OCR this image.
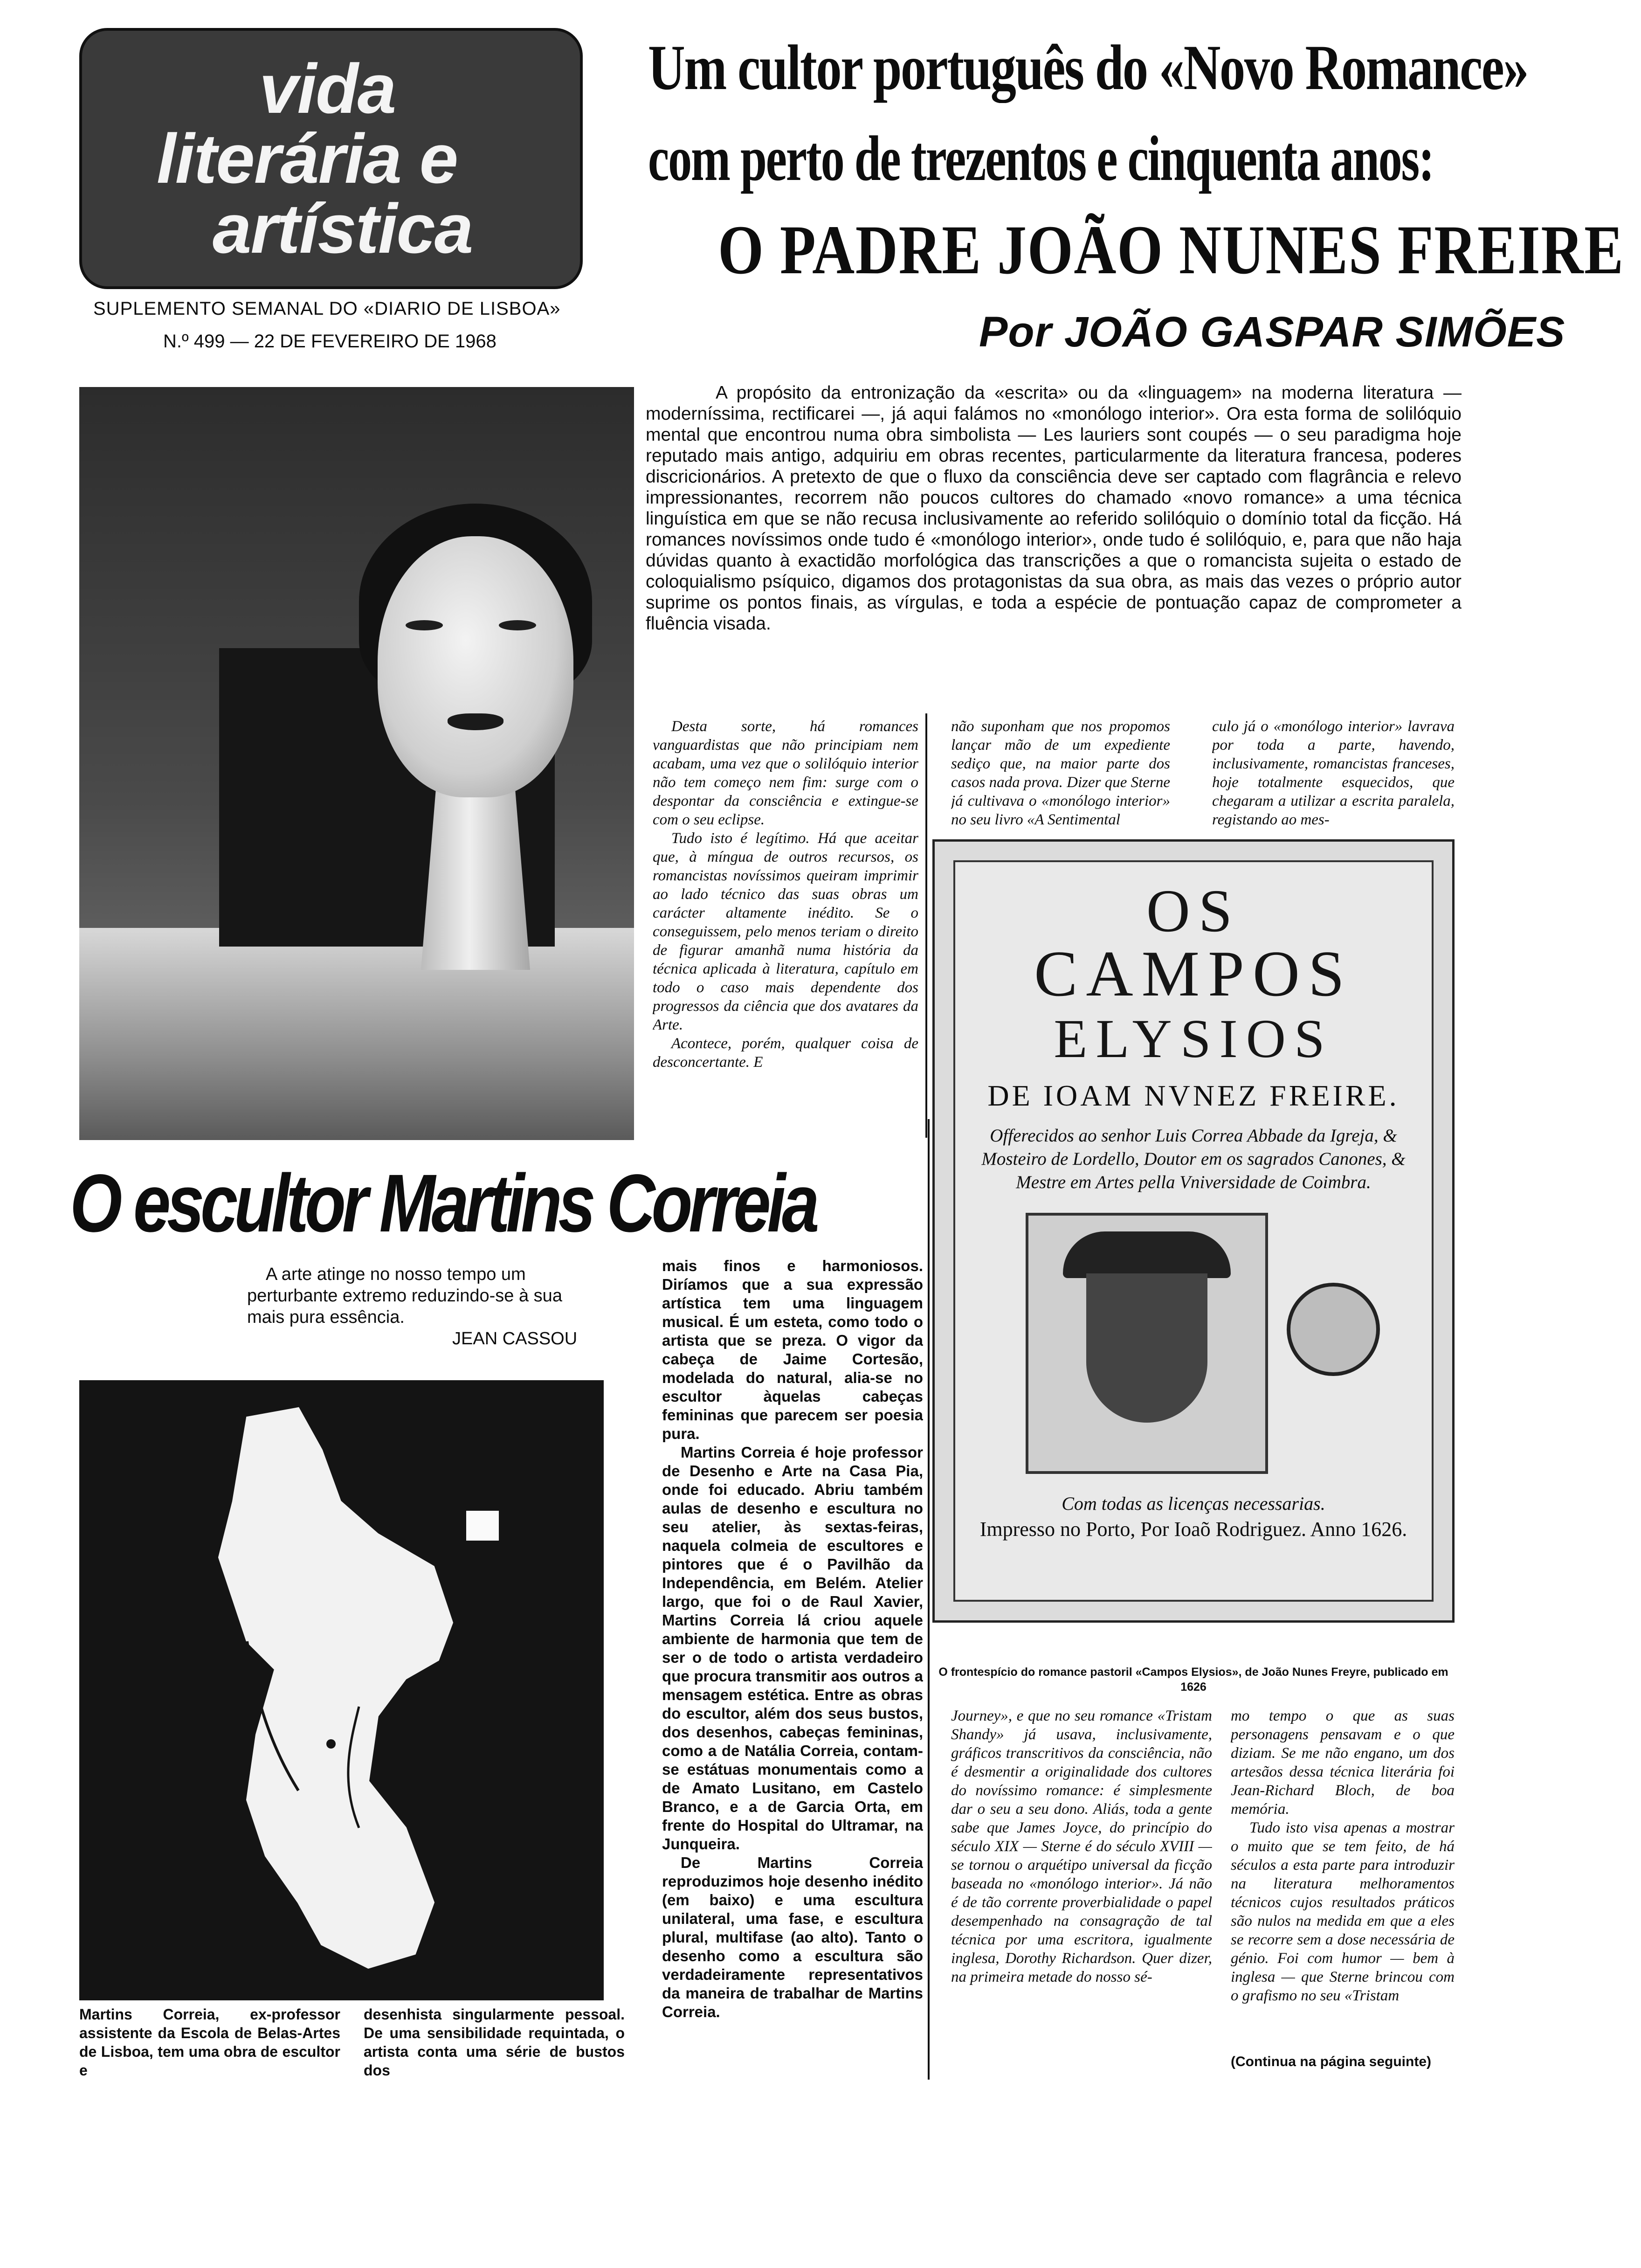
vida
literária e
artística
SUPLEMENTO SEMANAL DO «DIARIO DE LISBOA»
N.º 499 — 22 DE FEVEREIRO DE 1968
Um cultor português do «Novo Romance»
com perto de trezentos e cinquenta anos:
O PADRE JOÃO NUNES FREIRE
Por JOÃO GASPAR SIMÕES
A propósito da entronização da «escrita» ou da «linguagem» na moderna literatura — moderníssima, rectificarei —, já aqui falámos no «monólogo interior». Ora esta forma de solilóquio mental que encontrou numa obra simbolista — Les lauriers sont coupés — o seu paradigma hoje reputado mais antigo, adquiriu em obras recentes, particularmente da literatura francesa, poderes discricionários. A pretexto de que o fluxo da consciência deve ser captado com flagrância e relevo impressionantes, recorrem não poucos cultores do chamado «novo romance» a uma técnica linguística em que se não recusa inclusivamente ao referido solilóquio o domínio total da ficção. Há romances novíssimos onde tudo é «monólogo interior», onde tudo é solilóquio, e, para que não haja dúvidas quanto à exactidão morfológica das transcrições a que o romancista sujeita o estado de coloquialismo psíquico, digamos dos protagonistas da sua obra, as mais das vezes o próprio autor suprime os pontos finais, as vírgulas, e toda a espécie de pontuação capaz de comprometer a fluência visada.

Desta sorte, há romances vanguardistas que não principiam nem acabam, uma vez que o solilóquio interior não tem começo nem fim: surge com o despontar da consciência e extingue-se com o seu eclipse.

Tudo isto é legítimo. Há que aceitar que, à míngua de outros recursos, os romancistas novíssimos queiram imprimir ao lado técnico das suas obras um carácter altamente inédito. Se o conseguissem, pelo menos teriam o direito de figurar amanhã numa história da técnica aplicada à literatura, capítulo em todo o caso mais dependente dos progressos da ciência que dos avatares da Arte.

Acontece, porém, qualquer coisa de desconcertante. E

não suponham que nos propomos lançar mão de um expediente sediço que, na maior parte dos casos nada prova. Dizer que Sterne já cultivava o «monólogo interior» no seu livro «A Sentimental

culo já o «monólogo interior» lavrava por toda a parte, havendo, inclusivamente, romancistas franceses, hoje totalmente esquecidos, que chegaram a utilizar a escrita paralela, registando ao mes-

OS
CAMPOS
ELYSIOS
DE IOAM NVNEZ FREIRE.
Offerecidos ao senhor Luis Correa Abbade da Igreja, & Mosteiro de Lordello, Doutor em os sagrados Canones, & Mestre em Artes pella Vniversidade de Coimbra.
Com todas as licenças necessarias.
Impresso no Porto, Por Ioaõ Rodriguez. Anno 1626.
O frontespício do romance pastoril «Campos Elysios», de João Nunes Freyre, publicado em 1626

Journey», e que no seu romance «Tristam Shandy» já usava, inclusivamente, gráficos transcritivos da consciência, não é desmentir a originalidade dos cultores do novíssimo romance: é simplesmente dar o seu a seu dono. Aliás, toda a gente sabe que James Joyce, do princípio do século XIX — Sterne é do século XVIII — se tornou o arquétipo universal da ficção baseada no «monólogo interior». Já não é de tão corrente proverbialidade o papel desempenhado na consagração de tal técnica por uma escritora, igualmente inglesa, Dorothy Richardson. Quer dizer, na primeira metade do nosso sé-

mo tempo o que as suas personagens pensavam e o que diziam. Se me não engano, um dos artesãos dessa técnica literária foi Jean-Richard Bloch, de boa memória.

Tudo isto visa apenas a mostrar o muito que se tem feito, de há séculos a esta parte para introduzir na literatura melhoramentos técnicos cujos resultados práticos são nulos na medida em que a eles se recorre sem a dose necessária de génio. Foi com humor — bem à inglesa — que Sterne brincou com o grafismo no seu «Tristam

(Continua na página seguinte)
O escultor Martins Correia
A arte atinge no nosso tempo um perturbante extremo reduzindo-se à sua mais pura essência.
JEAN CASSOU
Martins Correia, ex-professor assistente da Escola de Belas-Artes de Lisboa, tem uma obra de escultor e
desenhista singularmente pessoal. De uma sensibilidade requintada, o artista conta uma série de bustos dos

mais finos e harmoniosos. Diríamos que a sua expressão artística tem uma linguagem musical. É um esteta, como todo o artista que se preza. O vigor da cabeça de Jaime Cortesão, modelada do natural, alia-se no escultor àquelas cabeças femininas que parecem ser poesia pura.

Martins Correia é hoje professor de Desenho e Arte na Casa Pia, onde foi educado. Abriu também aulas de desenho e escultura no seu atelier, às sextas-feiras, naquela colmeia de escultores e pintores que é o Pavilhão da Independência, em Belém. Atelier largo, que foi o de Raul Xavier, Martins Correia lá criou aquele ambiente de harmonia que tem de ser o de todo o artista verdadeiro que procura transmitir aos outros a mensagem estética. Entre as obras do escultor, além dos seus bustos, dos desenhos, cabeças femininas, como a de Natália Correia, contam-se estátuas monumentais como a de Amato Lusitano, em Castelo Branco, e a de Garcia Orta, em frente do Hospital do Ultramar, na Junqueira.

De Martins Correia reproduzimos hoje desenho inédito (em baixo) e uma escultura unilateral, uma fase, e escultura plural, multifase (ao alto). Tanto o desenho como a escultura são verdadeiramente representativos da maneira de trabalhar de Martins Correia.
